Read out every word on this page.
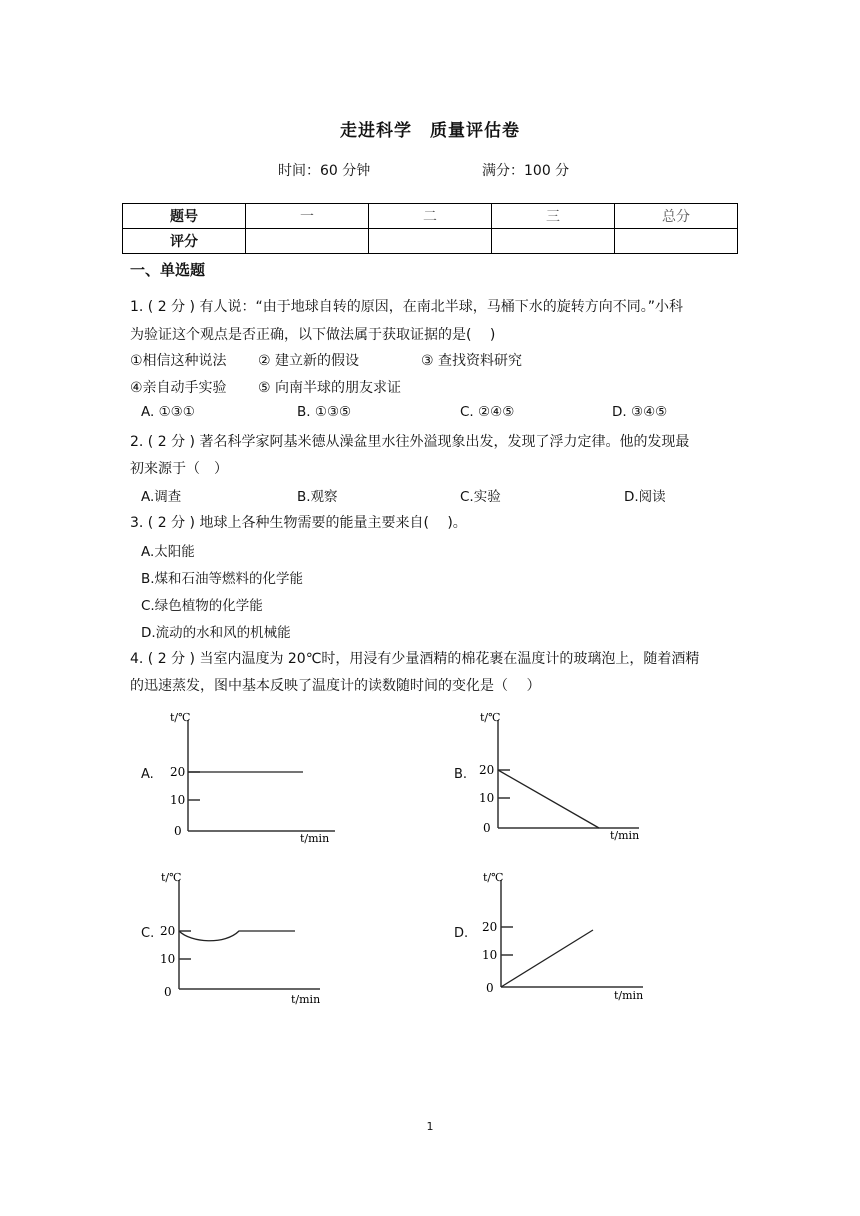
走进科学　质量评估卷
时间：60 分钟	满分：100 分
题号	一	二	三	总分
评分				
一、单选题
1. ( 2 分 ) 有人说：“由于地球自转的原因，在南北半球，马桶下水的旋转方向不同。”小科
为验证这个观点是否正确，以下做法属于获取证据的是(　 )
①相信这种说法 ② 建立新的假设	③ 查找资料研究
④亲自动手实验 ⑤ 向南半球的朋友求证
A. ①③①	B. ①③⑤	C. ②④⑤	D. ③④⑤
2. ( 2 分 ) 著名科学家阿基米德从澡盆里水往外溢现象出发，发现了浮力定律。他的发现最
初来源于（　）
A.调查	B.观察	C.实验	D.阅读
3. ( 2 分 ) 地球上各种生物需要的能量主要来自(　 )。
A.太阳能
B.煤和石油等燃料的化学能
C.绿色植物的化学能
D.流动的水和风的机械能
4. ( 2 分 ) 当室内温度为 20℃时，用浸有少量酒精的棉花裹在温度计的玻璃泡上，随着酒精
的迅速蒸发，图中基本反映了温度计的读数随时间的变化是（　 ）
A.	B.
C.	D.
t/℃
20
10
0
t/min
t/℃
20
10
0
t/min
t/℃
20
10
0
t/min
t/℃
20
10
0
t/min
1
